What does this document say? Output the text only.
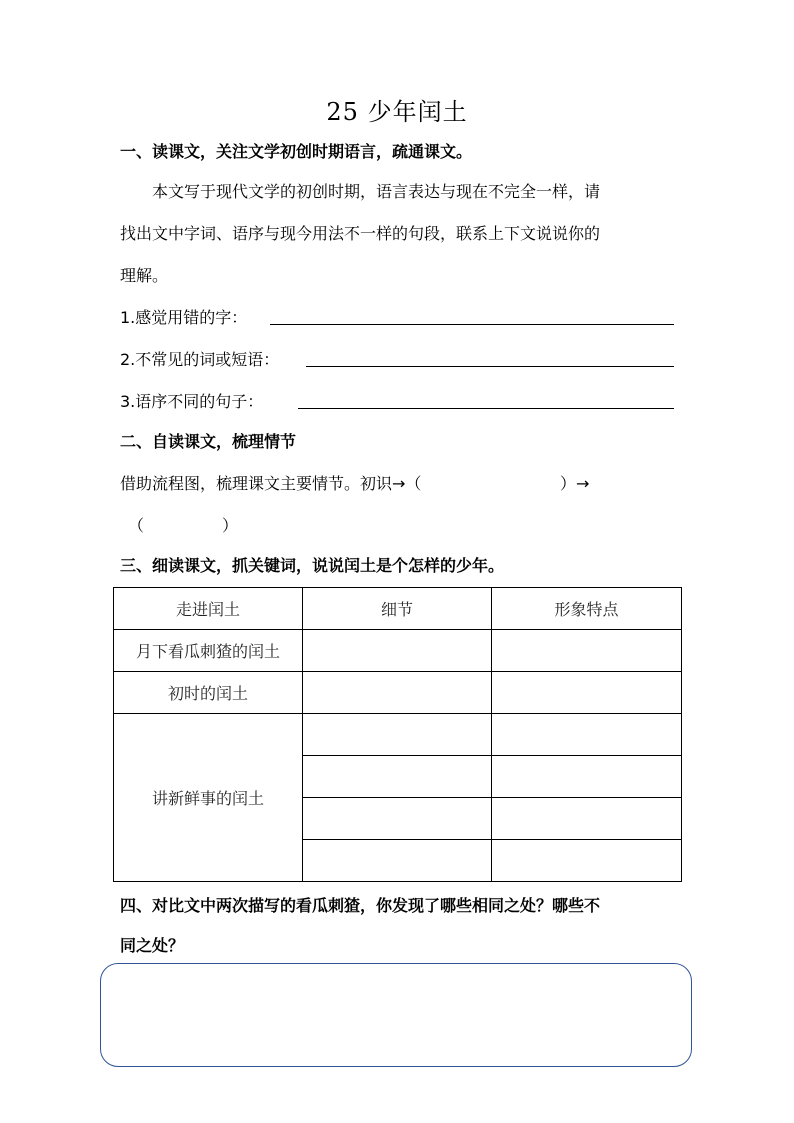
25 少年闰土
一、读课文，关注文学初创时期语言，疏通课文。
本文写于现代文学的初创时期，语言表达与现在不完全一样，请
找出文中字词、语序与现今用法不一样的句段，联系上下文说说你的
理解。
1.感觉用错的字：
2.不常见的词或短语：
3.语序不同的句子：
二、自读课文，梳理情节
借助流程图，梳理课文主要情节。初识→（	）→
（	）
三、细读课文，抓关键词，说说闰土是个怎样的少年。
走进闰土	细节	形象特点
月下看瓜刺猹的闰土		
初时的闰土		
讲新鲜事的闰土		

四、对比文中两次描写的看瓜刺猹，你发现了哪些相同之处？哪些不
同之处？
